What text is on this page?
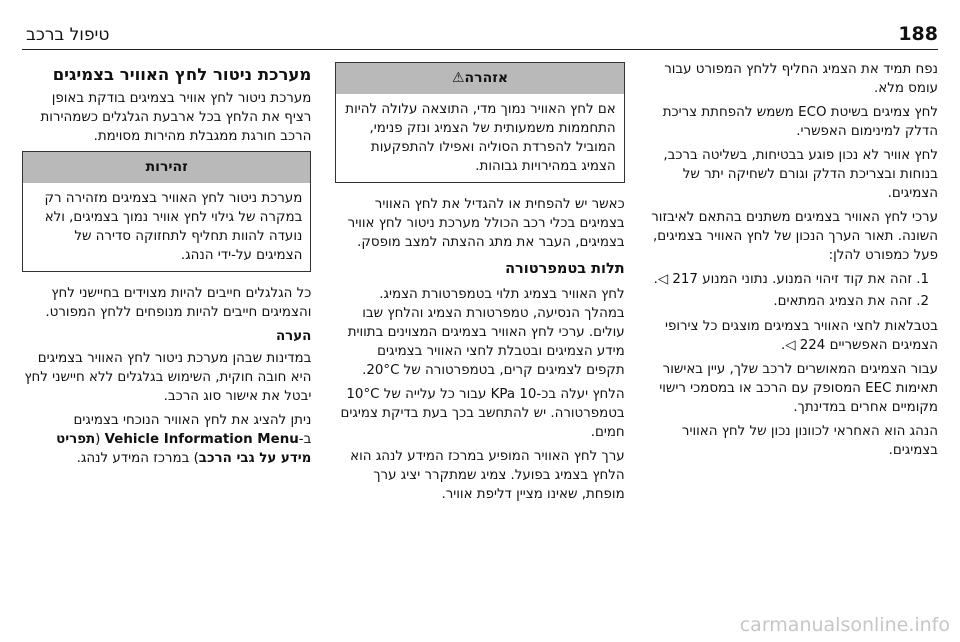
188
טיפול ברכב

נפח תמיד את הצמיג החליף ללחץ המפורט עבור עומס מלא.

לחץ צמיגים בשיטת ECO משמש להפחתת צריכת הדלק למינימום האפשרי.

לחץ אוויר לא נכון פוגע בבטיחות, בשליטה ברכב, בנוחות ובצריכת הדלק וגורם לשחיקה יתר של הצמיגים.

ערכי לחץ האוויר בצמיגים משתנים בהתאם לאיבזור השונה. תאור הערך הנכון של לחץ האוויר בצמיגים, פעל כמפורט להלן:

1. זהה את קוד זיהוי המנוע. נתוני המנוע 217 ◁.
2. זהה את הצמיג המתאים.

בטבלאות לחצי האוויר בצמיגים מוצגים כל צירופי הצמיגים האפשריים 224 ◁.

עבור הצמיגים המאושרים לרכב שלך, עיין באישור תאימות EEC המסופק עם הרכב או במסמכי רישוי מקומיים אחרים במדינתך.

הנהג הוא האחראי לכוונון נכון של לחץ האוויר בצמיגים.

אזהרה⚠
אם לחץ האוויר נמוך מדי, התוצאה עלולה להיות התחממות משמעותית של הצמיג ונזק פנימי, המוביל להפרדת הסוליה ואפילו להתפקעות הצמיג במהירויות גבוהות.

כאשר יש להפחית או להגדיל את לחץ האוויר בצמיגים בכלי רכב הכולל מערכת ניטור לחץ אוויר בצמיגים, העבר את מתג ההצתה למצב מופסק.

תלות בטמפרטורה

לחץ האוויר בצמיג תלוי בטמפרטורת הצמיג. במהלך הנסיעה, טמפרטורת הצמיג והלחץ שבו עולים. ערכי לחץ האוויר בצמיגים המצוינים בתווית מידע הצמיגים ובטבלת לחצי האוויר בצמיגים תקפים לצמיגים קרים, בטמפרטורה של 20°C.

הלחץ יעלה בכ-10 KPa עבור כל עלייה של 10°C בטמפרטורה. יש להתחשב בכך בעת בדיקת צמיגים חמים.

ערך לחץ האוויר המופיע במרכז המידע לנהג הוא הלחץ בצמיג בפועל. צמיג שמתקרר יציג ערך מופחת, שאינו מציין דליפת אוויר.

מערכת ניטור לחץ האוויר בצמיגים

מערכת ניטור לחץ אוויר בצמיגים בודקת באופן רציף את הלחץ בכל ארבעת הגלגלים כשמהירות הרכב חורגת ממגבלת מהירות מסוימת.

זהירות
מערכת ניטור לחץ האוויר בצמיגים מזהירה רק במקרה של גילוי לחץ אוויר נמוך בצמיגים, ולא נועדה להוות תחליף לתחזוקה סדירה של הצמיגים על-ידי הנהג.

כל הגלגלים חייבים להיות מצוידים בחיישני לחץ והצמיגים חייבים להיות מנופחים ללחץ המפורט.

הערה

במדינות שבהן מערכת ניטור לחץ האוויר בצמיגים היא חובה חוקית, השימוש בגלגלים ללא חיישני לחץ יבטל את אישור סוג הרכב.

ניתן להציג את לחץ האוויר הנוכחי בצמיגים ב-Vehicle Information Menu (תפריט מידע על גבי הרכב) במרכז המידע לנהג.

carmanualsonline.info
